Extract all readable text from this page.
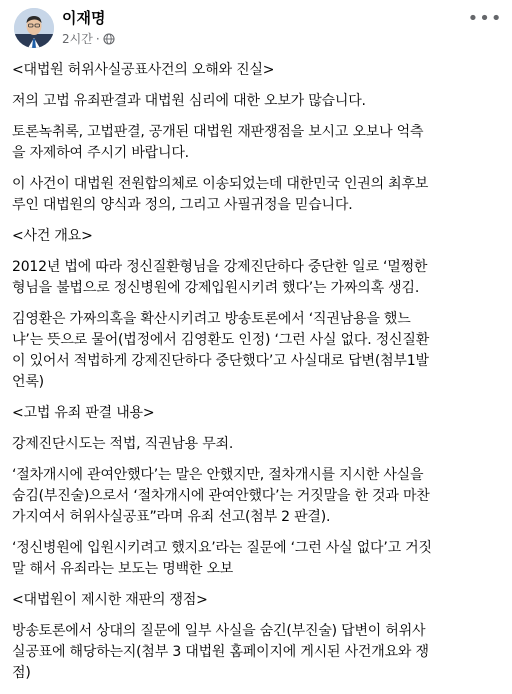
이재명
2시간 ·
•••

<대법원 허위사실공표사건의 오해와 진실>

저의 고법 유죄판결과 대법원 심리에 대한 오보가 많습니다.

토론녹취록, 고법판결, 공개된 대법원 재판쟁점을 보시고 오보나 억측
을 자제하여 주시기 바랍니다.

이 사건이 대법원 전원합의체로 이송되었는데 대한민국 인권의 최후보
루인 대법원의 양식과 정의, 그리고 사필귀정을 믿습니다.

<사건 개요>

2012년 법에 따라 정신질환형님을 강제진단하다 중단한 일로 ‘멀쩡한
형님을 불법으로 정신병원에 강제입원시키려 했다’는 가짜의혹 생김.

김영환은 가짜의혹을 확산시키려고 방송토론에서 ‘직권남용을 했느
냐’는 뜻으로 물어(법정에서 김영환도 인정) ‘그런 사실 없다. 정신질환
이 있어서 적법하게 강제진단하다 중단했다’고 사실대로 답변(첨부1발
언록)

<고법 유죄 판결 내용>

강제진단시도는 적법, 직권남용 무죄.

‘절차개시에 관여안했다’는 말은 안했지만, 절차개시를 지시한 사실을
숨김(부진술)으로서 ‘절차개시에 관여안했다’는 거짓말을 한 것과 마찬
가지여서 허위사실공표”라며 유죄 선고(첨부 2 판결).

‘정신병원에 입원시키려고 했지요’라는 질문에 ‘그런 사실 없다’고 거짓
말 해서 유죄라는 보도는 명백한 오보

<대법원이 제시한 재판의 쟁점>

방송토론에서 상대의 질문에 일부 사실을 숨긴(부진술) 답변이 허위사
실공표에 해당하는지(첨부 3 대법원 홈페이지에 게시된 사건개요와 쟁
점)
